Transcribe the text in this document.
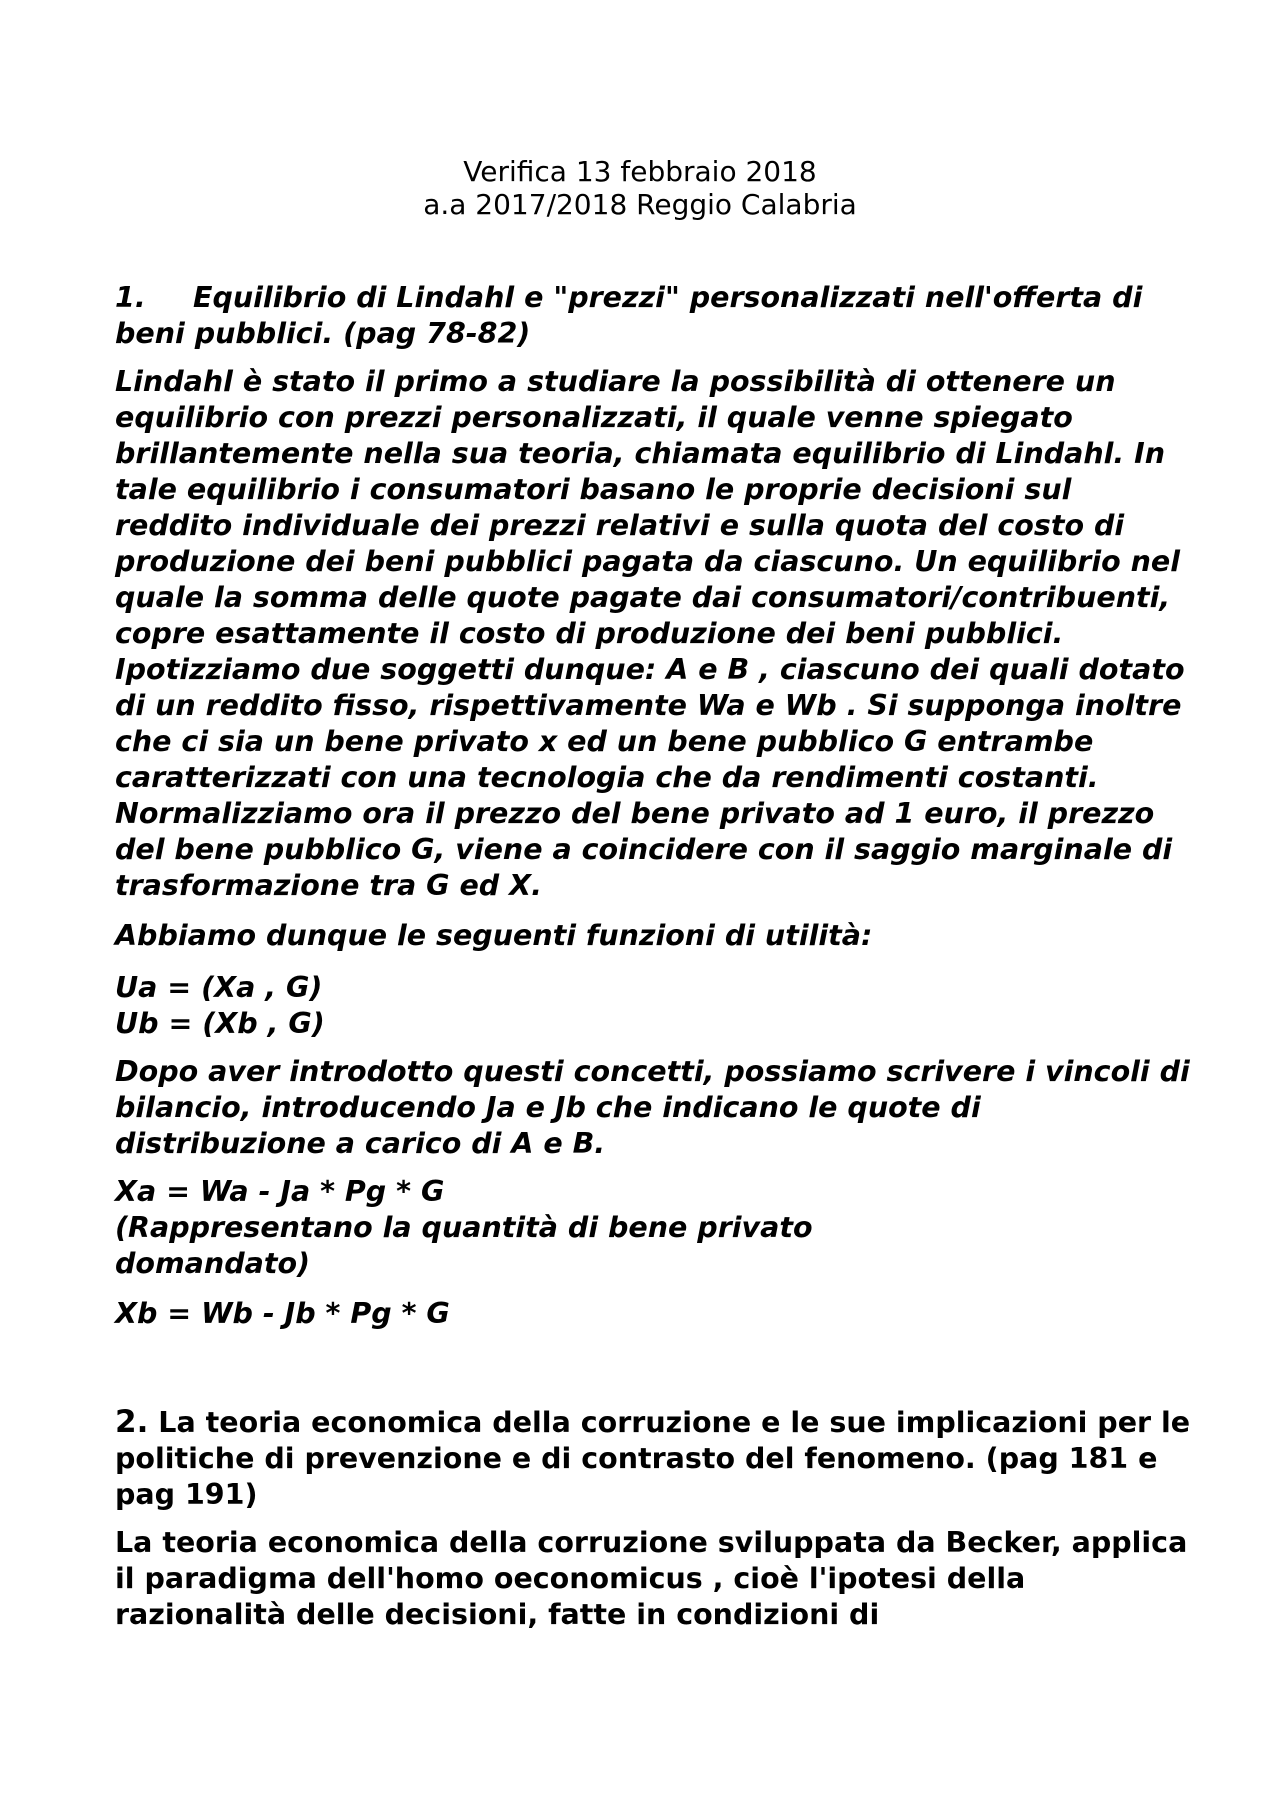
Verifica 13 febbraio 2018
a.a 2017/2018 Reggio Calabria

1. Equilibrio di Lindahl e "prezzi" personalizzati nell'offerta di beni pubblici. (pag 78-82)

Lindahl è stato il primo a studiare la possibilità di ottenere un equilibrio con prezzi personalizzati, il quale venne spiegato brillantemente nella sua teoria, chiamata equilibrio di Lindahl. In tale equilibrio i consumatori basano le proprie decisioni sul reddito individuale dei prezzi relativi e sulla quota del costo di produzione dei beni pubblici pagata da ciascuno. Un equilibrio nel quale la somma delle quote pagate dai consumatori/contribuenti, copre esattamente il costo di produzione dei beni pubblici.

Ipotizziamo due soggetti dunque: A e B , ciascuno dei quali dotato di un reddito fisso, rispettivamente Wa e Wb . Si supponga inoltre che ci sia un bene privato x ed un bene pubblico G entrambe caratterizzati con una tecnologia che da rendimenti costanti. Normalizziamo ora il prezzo del bene privato ad 1 euro, il prezzo del bene pubblico G, viene a coincidere con il saggio marginale di trasformazione tra G ed X.

Abbiamo dunque le seguenti funzioni di utilità:

Ua = (Xa , G)

Ub = (Xb , G)

Dopo aver introdotto questi concetti, possiamo scrivere i vincoli di bilancio, introducendo Ja e Jb che indicano le quote di distribuzione a carico di A e B.

Xa = Wa - Ja * Pg * G

(Rappresentano la quantità di bene privato domandato)

Xb = Wb - Jb * Pg * G

2. La teoria economica della corruzione e le sue implicazioni per le politiche di prevenzione e di contrasto del fenomeno. (pag 181 e pag 191)

La teoria economica della corruzione sviluppata da Becker, applica il paradigma dell'homo oeconomicus , cioè l'ipotesi della razionalità delle decisioni, fatte in condizioni di
